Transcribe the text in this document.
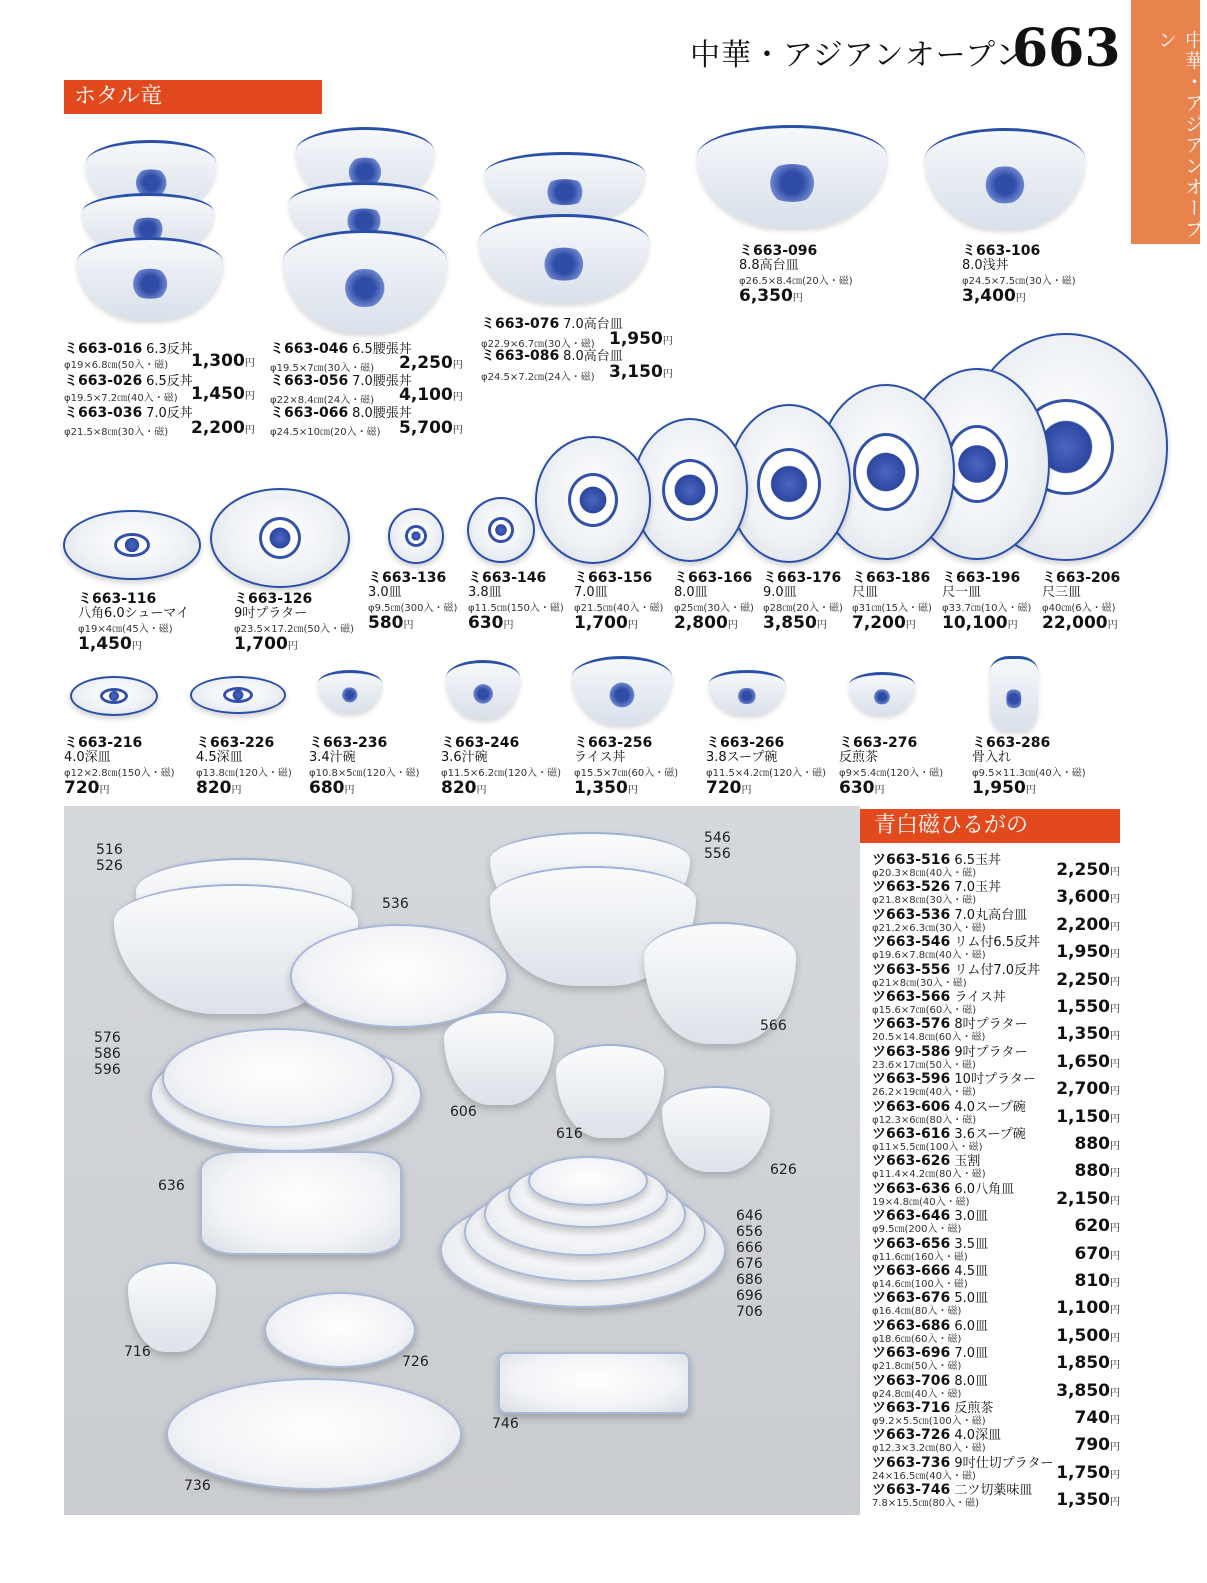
中華・アジアンオープン
663	中華・アジアンオープン
ホタル竜
ミ663-016 6.3反丼
φ19×6.8㎝(50入・磁)	1,300円
ミ663-026 6.5反丼
φ19.5×7.2㎝(40入・磁) 1,450円
ミ663-036 7.0反丼
φ21.5×8㎝(30入・磁) 2,200円
ミ663-046 6.5腰張丼
φ19.5×7㎝(30入・磁) 2,250円
ミ663-056 7.0腰張丼
φ22×8.4㎝(24入・磁) 4,100円
ミ663-066 8.0腰張丼
φ24.5×10㎝(20入・磁) 5,700円
ミ663-076 7.0高台皿
φ22.9×6.7㎝(30入・磁) 1,950円
ミ663-086 8.0高台皿
φ24.5×7.2㎝(24入・磁) 3,150円
ミ663-096
8.8高台皿
φ26.5×8.4㎝(20入・磁)
6,350円
ミ663-106
8.0浅丼
φ24.5×7.5㎝(30入・磁)
3,400円
ミ663-116
八角6.0シューマイ
φ19×4㎝(45入・磁)
1,450円
ミ663-126
9吋プラター
φ23.5×17.2㎝(50入・磁)
1,700円
ミ663-136
3.0皿
φ9.5㎝(300入・磁)
580円
ミ663-146
3.8皿
φ11.5㎝(150入・磁)
630円
ミ663-156
7.0皿
φ21.5㎝(40入・磁)
1,700円
ミ663-166
8.0皿
φ25㎝(30入・磁)
2,800円
ミ663-176
9.0皿
φ28㎝(20入・磁)
3,850円
ミ663-186
尺皿
φ31㎝(15入・磁)
7,200円
ミ663-196
尺一皿
φ33.7㎝(10入・磁)
10,100円
ミ663-206
尺三皿
φ40㎝(6入・磁)
22,000円
ミ663-216
4.0深皿
φ12×2.8㎝(150入・磁)
720円
ミ663-226
4.5深皿
φ13.8㎝(120入・磁)
820円
ミ663-236
3.4汁碗
φ10.8×5㎝(120入・磁)
680円
ミ663-246
3.6汁碗
φ11.5×6.2㎝(120入・磁)
820円
ミ663-256
ライス丼
φ15.5×7㎝(60入・磁)
1,350円
ミ663-266
3.8スープ碗
φ11.5×4.2㎝(120入・磁)
720円
ミ663-276
反煎茶
φ9×5.4㎝(120入・磁)
630円
ミ663-286
骨入れ
φ9.5×11.3㎝(40入・磁)
1,950円
516
526
536
546
556
566
576
586
596
606
616
626
636
646
656
666
676
686
696
706
716
726
746
736
青白磁ひるがの
ツ663-516 6.5玉丼
φ20.3×8㎝(40入・磁)	2,250円
ツ663-526 7.0玉丼
φ21.8×8㎝(30入・磁)	3,600円
ツ663-536 7.0丸高台皿
φ21.2×6.3㎝(30入・磁)	2,200円
ツ663-546 リム付6.5反丼
φ19.6×7.8㎝(40入・磁)	1,950円
ツ663-556 リム付7.0反丼
φ21×8㎝(30入・磁)	2,250円
ツ663-566 ライス丼
φ15.6×7㎝(60入・磁)	1,550円
ツ663-576 8吋プラター
20.5×14.8㎝(60入・磁)	1,350円
ツ663-586 9吋プラター
23.6×17㎝(50入・磁)	1,650円
ツ663-596 10吋プラター
26.2×19㎝(40入・磁)	2,700円
ツ663-606 4.0スープ碗
φ12.3×6㎝(80入・磁)	1,150円
ツ663-616 3.6スープ碗
φ11×5.5㎝(100入・磁)	880円
ツ663-626 玉割
φ11.4×4.2㎝(80入・磁)	880円
ツ663-636 6.0八角皿
19×4.8㎝(40入・磁)	2,150円
ツ663-646 3.0皿
φ9.5㎝(200入・磁)	620円
ツ663-656 3.5皿
φ11.6㎝(160入・磁)	670円
ツ663-666 4.5皿
φ14.6㎝(100入・磁)	810円
ツ663-676 5.0皿
φ16.4㎝(80入・磁)	1,100円
ツ663-686 6.0皿
φ18.6㎝(60入・磁)	1,500円
ツ663-696 7.0皿
φ21.8㎝(50入・磁)	1,850円
ツ663-706 8.0皿
φ24.8㎝(40入・磁)	3,850円
ツ663-716 反煎茶
φ9.2×5.5㎝(100入・磁)	740円
ツ663-726 4.0深皿
φ12.3×3.2㎝(80入・磁)	790円
ツ663-736 9吋仕切プラター
24×16.5㎝(40入・磁)	1,750円
ツ663-746 二ツ切薬味皿
7.8×15.5㎝(80入・磁)	1,350円
